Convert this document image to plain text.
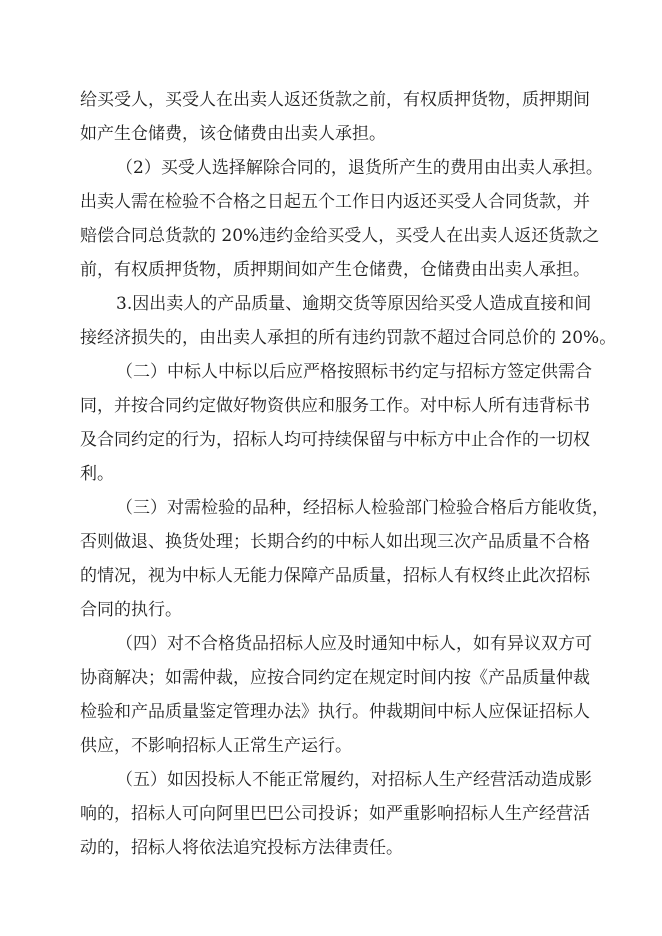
给买受人，买受人在出卖人返还货款之前，有权质押货物，质押期间
如产生仓储费，该仓储费由出卖人承担。
（2）买受人选择解除合同的，退货所产生的费用由出卖人承担。
出卖人需在检验不合格之日起五个工作日内返还买受人合同货款，并
赔偿合同总货款的 20%违约金给买受人，买受人在出卖人返还货款之
前，有权质押货物，质押期间如产生仓储费，仓储费由出卖人承担。
3.因出卖人的产品质量、逾期交货等原因给买受人造成直接和间
接经济损失的，由出卖人承担的所有违约罚款不超过合同总价的 20%。
（二）中标人中标以后应严格按照标书约定与招标方签定供需合
同，并按合同约定做好物资供应和服务工作。对中标人所有违背标书
及合同约定的行为，招标人均可持续保留与中标方中止合作的一切权
利。
（三）对需检验的品种，经招标人检验部门检验合格后方能收货，
否则做退、换货处理；长期合约的中标人如出现三次产品质量不合格
的情况，视为中标人无能力保障产品质量，招标人有权终止此次招标
合同的执行。
（四）对不合格货品招标人应及时通知中标人，如有异议双方可
协商解决；如需仲裁，应按合同约定在规定时间内按《产品质量仲裁
检验和产品质量鉴定管理办法》执行。仲裁期间中标人应保证招标人
供应，不影响招标人正常生产运行。
（五）如因投标人不能正常履约，对招标人生产经营活动造成影
响的，招标人可向阿里巴巴公司投诉；如严重影响招标人生产经营活
动的，招标人将依法追究投标方法律责任。
